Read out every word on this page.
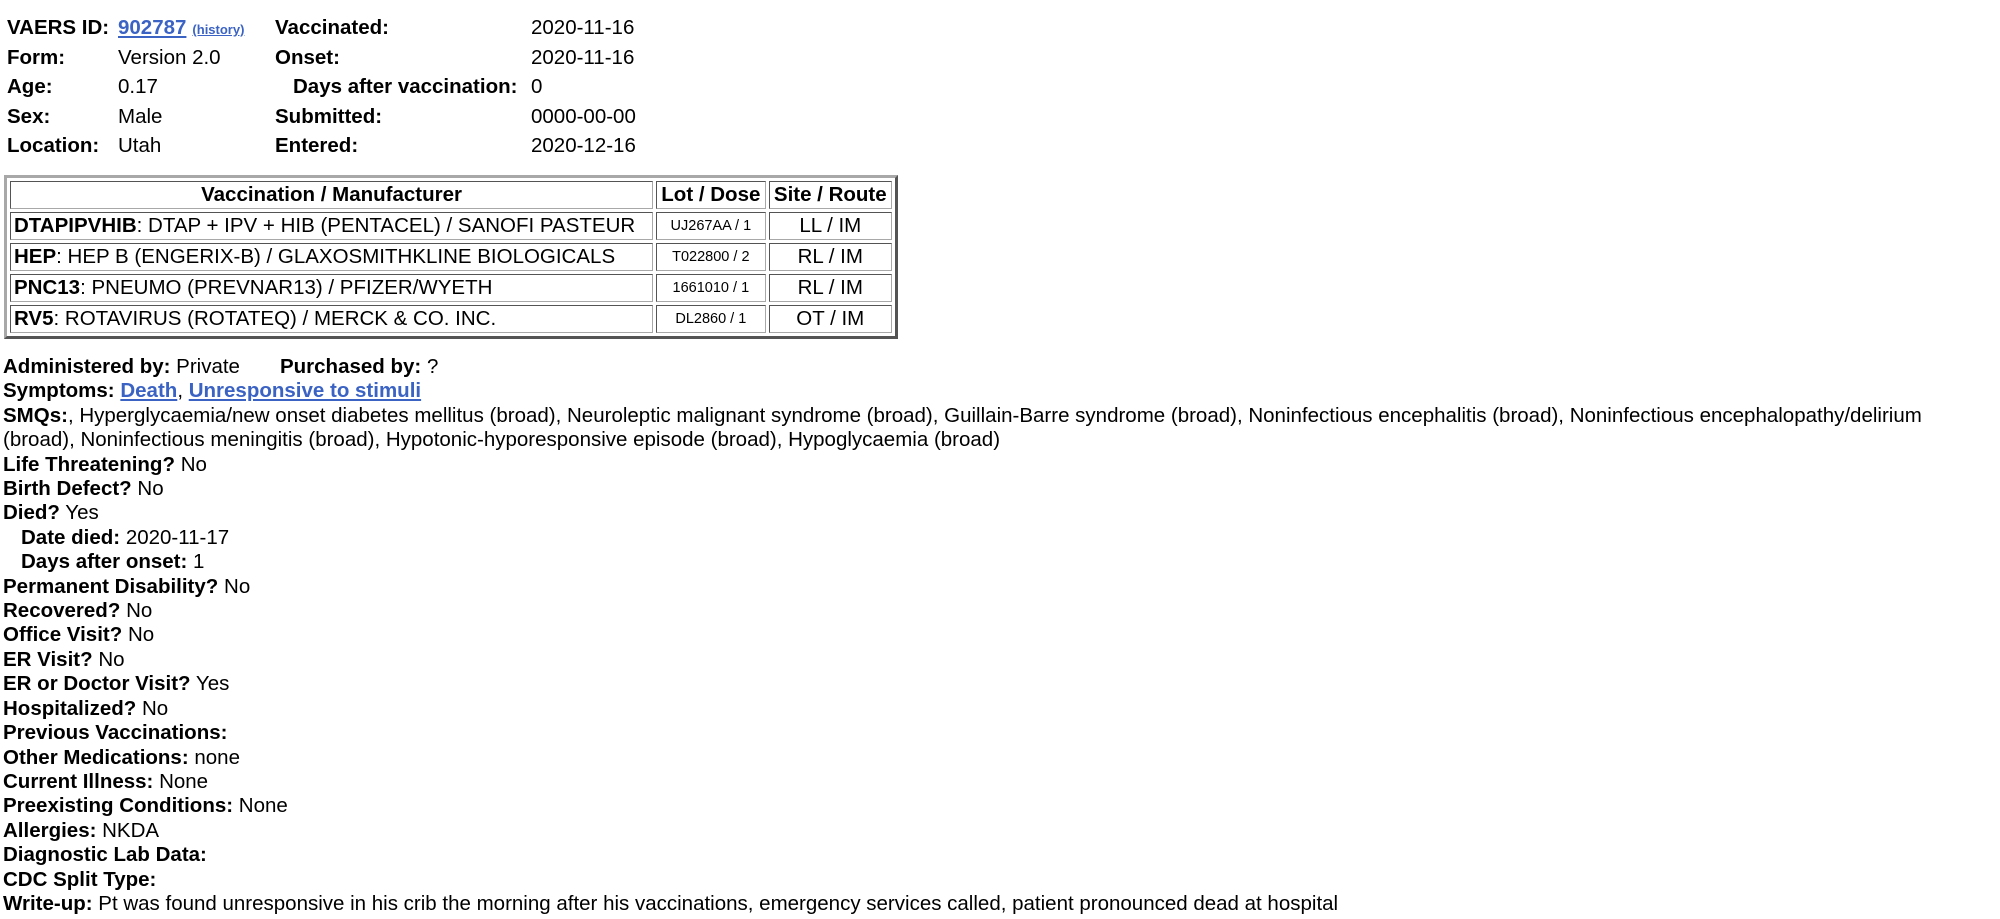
VAERS ID: 902787 (history) Vaccinated:	2020-11-16
Form:	Version 2.0	Onset:	2020-11-16
Age:	0.17	Days after vaccination: 0
Sex:	Male	Submitted:	0000-00-00
Location: Utah	Entered:	2020-12-16
Vaccination / Manufacturer	Lot / Dose	Site / Route
DTAPIPVHIB: DTAP + IPV + HIB (PENTACEL) / SANOFI PASTEUR	UJ267AA / 1	LL / IM
HEP: HEP B (ENGERIX-B) / GLAXOSMITHKLINE BIOLOGICALS	T022800 / 2	RL / IM
PNC13: PNEUMO (PREVNAR13) / PFIZER/WYETH	1661010 / 1	RL / IM
RV5: ROTAVIRUS (ROTATEQ) / MERCK & CO. INC.	DL2860 / 1	OT / IM
Administered by: Private Purchased by: ?
Symptoms: Death, Unresponsive to stimuli
SMQs:, Hyperglycaemia/new onset diabetes mellitus (broad), Neuroleptic malignant syndrome (broad), Guillain-Barre syndrome (broad), Noninfectious encephalitis (broad), Noninfectious encephalopathy/delirium (broad), Noninfectious meningitis (broad), Hypotonic-hyporesponsive episode (broad), Hypoglycaemia (broad)
Life Threatening? No
Birth Defect? No
Died? Yes
Date died: 2020-11-17
Days after onset: 1
Permanent Disability? No
Recovered? No
Office Visit? No
ER Visit? No
ER or Doctor Visit? Yes
Hospitalized? No
Previous Vaccinations:
Other Medications: none
Current Illness: None
Preexisting Conditions: None
Allergies: NKDA
Diagnostic Lab Data:
CDC Split Type:
Write-up: Pt was found unresponsive in his crib the morning after his vaccinations, emergency services called, patient pronounced dead at hospital
